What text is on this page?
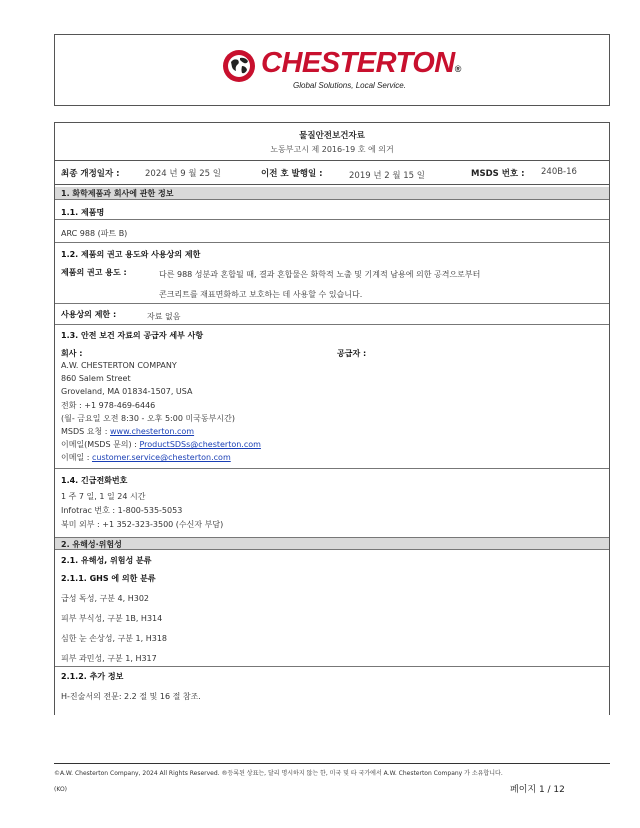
CHESTERTON®
Global Solutions, Local Service.
물질안전보건자료
노동부고시 제 2016-19 호 에 의거
최종 개정일자 :	2024 년 9 월 25 일	이전 호 발행일 :	2019 년 2 월 15 일	MSDS 번호 : 240B-16
1. 화학제품과 회사에 관한 정보
1.1. 제품명
ARC 988 (파트 B)
1.2. 제품의 권고 용도와 사용상의 제한
제품의 권고 용도 :	다른 988 성분과 혼합될 때, 결과 혼합물은 화학적 노출 및 기계적 남용에 의한 공격으로부터
콘크리트를 재표면화하고 보호하는 데 사용할 수 있습니다.
사용상의 제한 :	자료 없음
1.3. 안전 보건 자료의 공급자 세부 사항
회사 :	공급자 :
A.W. CHESTERTON COMPANY
860 Salem Street
Groveland, MA 01834-1507, USA
전화 : +1 978-469-6446
(월- 금요일 오전 8:30 - 오후 5:00 미국동부시간)
MSDS 요청 : www.chesterton.com
이메일(MSDS 문의) : ProductSDSs@chesterton.com
이메일 : customer.service@chesterton.com
1.4. 긴급전화번호
1 주 7 일, 1 일 24 시간
Infotrac 번호 : 1-800-535-5053
북미 외부 : +1 352-323-3500 (수신자 부담)
2. 유해성·위험성
2.1. 유해성, 위험성 분류
2.1.1. GHS 에 의한 분류
급성 독성, 구분 4, H302
피부 부식성, 구분 1B, H314
심한 눈 손상성, 구분 1, H318
피부 과민성, 구분 1, H317
2.1.2. 추가 정보
H-진술서의 전문: 2.2 절 및 16 절 참조.
©A.W. Chesterton Company, 2024 All Rights Reserved. ®등록된 상표는, 달리 명시하지 않는 한, 미국 및 타 국가에서 A.W. Chesterton Company 가 소유합니다.
(KO)	페이지 1 / 12
